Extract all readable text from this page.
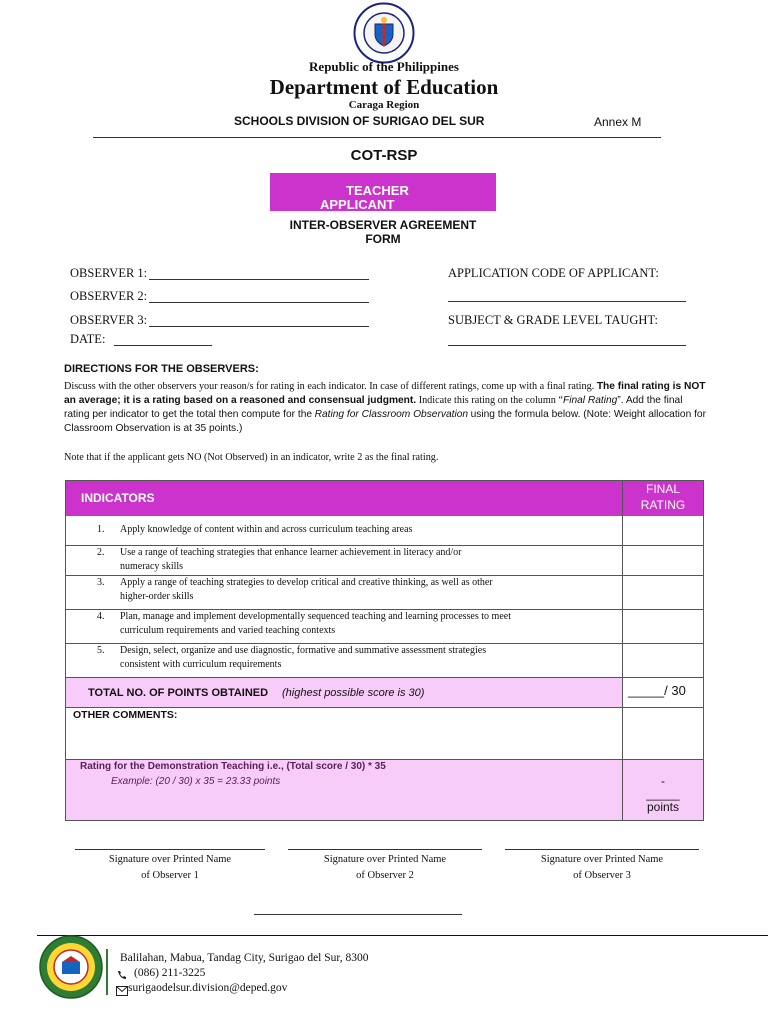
Republic of the Philippines
Department of Education
Caraga Region
SCHOOLS DIVISION OF SURIGAO DEL SUR	Annex M
COT-RSP
TEACHER
APPLICANT
INTER-OBSERVER AGREEMENT
FORM
OBSERVER 1:
OBSERVER 2:
OBSERVER 3:
DATE:
APPLICATION CODE OF APPLICANT:
SUBJECT & GRADE LEVEL TAUGHT:
DIRECTIONS FOR THE OBSERVERS:
Discuss with the other observers your reason/s for rating in each indicator. In case of different ratings, come up with a final rating. The final rating is NOT an average; it is a rating based on a reasoned and consensual judgment. Indicate this rating on the column “Final Rating”. Add the final rating per indicator to get the total then compute for the Rating for Classroom Observation using the formula below. (Note: Weight allocation for Classroom Observation is at 35 points.)
Note that if the applicant gets NO (Not Observed) in an indicator, write 2 as the final rating.
INDICATORS
FINAL
RATING
1. Apply knowledge of content within and across curriculum teaching areas
2. Use a range of teaching strategies that enhance learner achievement in literacy and/or
numeracy skills
3. Apply a range of teaching strategies to develop critical and creative thinking, as well as other
higher-order skills
4. Plan, manage and implement developmentally sequenced teaching and learning processes to meet
curriculum requirements and varied teaching contexts
5. Design, select, organize and use diagnostic, formative and summative assessment strategies
consistent with curriculum requirements
TOTAL NO. OF POINTS OBTAINED (highest possible score is 30)	_____/ 30
OTHER COMMENTS:
Rating for the Demonstration Teaching i.e., (Total score / 30) * 35
Example: (20 / 30) x 35 = 23.33 points	-
_____
points
Signature over Printed Name
of Observer 1
Signature over Printed Name
of Observer 2
Signature over Printed Name
of Observer 3
Balilahan, Mabua, Tandag City, Surigao del Sur, 8300
(086) 211-3225
surigaodelsur.division@deped.gov
